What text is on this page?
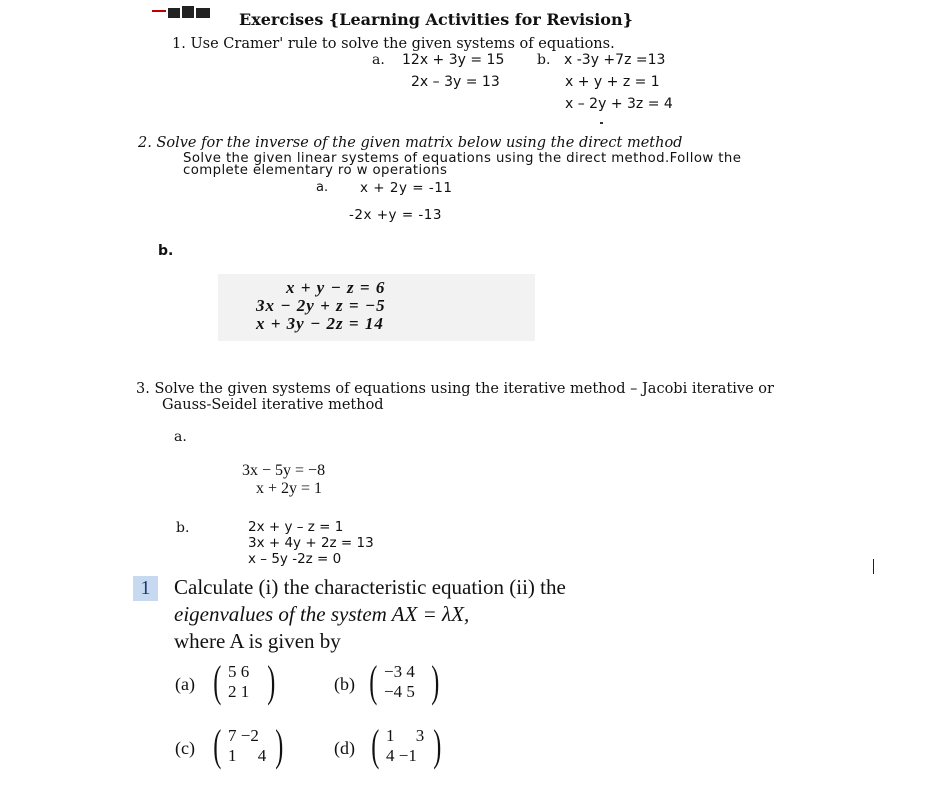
Exercises {Learning Activities for Revision}
1. Use Cramer' rule to solve the given systems of equations.
a. 12x + 3y = 15
2x – 3y = 13
b. x -3y +7z =13
x + y + z = 1
x – 2y + 3z = 4
2. Solve for the inverse of the given matrix below using the direct method
Solve the given linear systems of equations using the direct method.Follow the
complete elementary ro w operations
a. x + 2y = -11
-2x +y = -13
b.
x + y − z = 6
3x − 2y + z = −5
x + 3y − 2z = 14
3. Solve the given systems of equations using the iterative method – Jacobi iterative or
Gauss-Seidel iterative method
a.
3x − 5y = −8
x + 2y = 1
b.	2x + y – z = 1
3x + 4y + 2z = 13
x – 5y -2z = 0
1	Calculate (i) the characteristic equation (ii) the
eigenvalues of the system AX = λX,
where A is given by
(a) ( 5 6
2 1 )	(b) ( −3 4
−4 5 )
(c) ( 7 −2
1     4 )	(d) ( 1     3
4 −1 )
